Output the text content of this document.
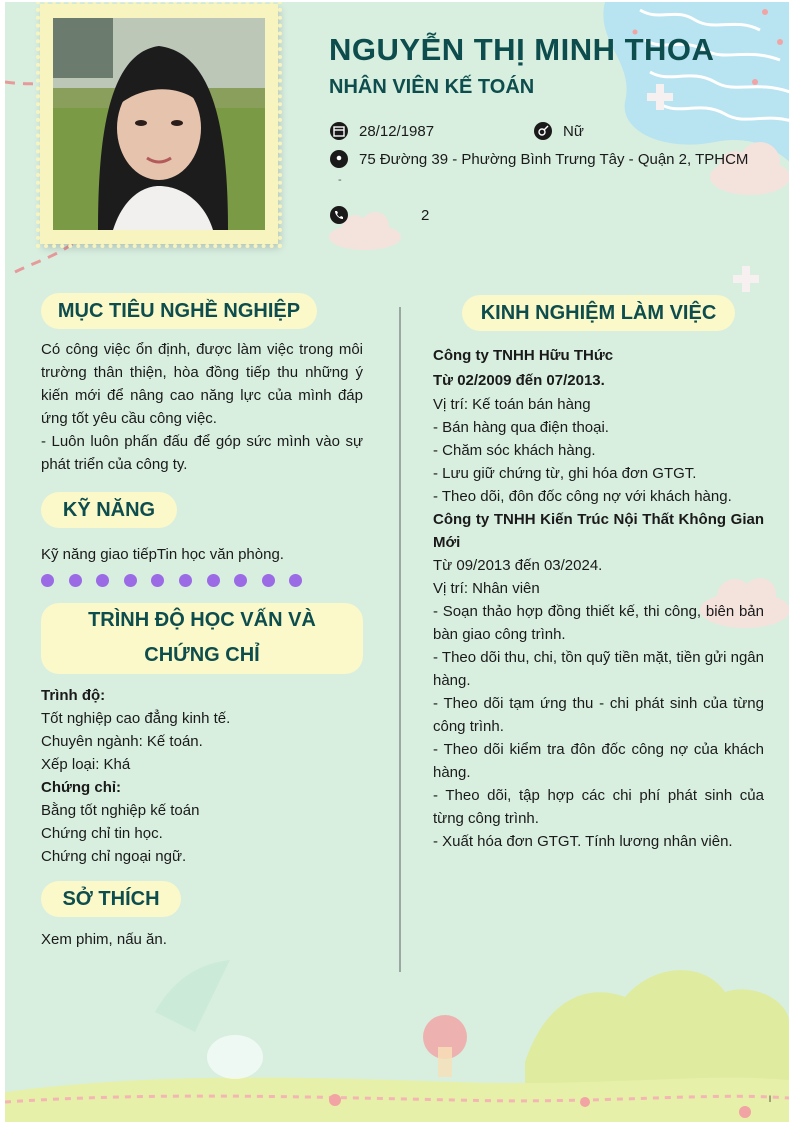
NGUYỄN THỊ MINH THOA
NHÂN VIÊN KẾ TOÁN
28/12/1987	Nữ
75 Đường 39 - Phường Bình Trưng Tây - Quận 2, TPHCM
-
2
MỤC TIÊU NGHỀ NGHIỆP
Có công việc ổn định, được làm việc trong môi trường thân thiện, hòa đồng tiếp thu những ý kiến mới để nâng cao năng lực của mình đáp ứng tốt yêu cầu công việc.
- Luôn luôn phấn đấu để góp sức mình vào sự phát triển của công ty.
KỸ NĂNG
Kỹ năng giao tiếpTin học văn phòng.
TRÌNH ĐỘ HỌC VẤN VÀ
CHỨNG CHỈ
Trình độ:
Tốt nghiệp cao đẳng kinh tế.
Chuyên ngành: Kế toán.
Xếp loại: Khá
Chứng chỉ:
Bằng tốt nghiệp kế toán
Chứng chỉ tin học.
Chứng chỉ ngoại ngữ.
SỞ THÍCH
Xem phim, nấu ăn.
KINH NGHIỆM LÀM VIỆC
Công ty TNHH Hữu THức
Từ 02/2009 đến 07/2013.
Vị trí: Kế toán bán hàng
- Bán hàng qua điện thoại.
- Chăm sóc khách hàng.
- Lưu giữ chứng từ, ghi hóa đơn GTGT.
- Theo dõi, đôn đốc công nợ với khách hàng.
Công ty TNHH Kiến Trúc Nội Thất Không Gian Mới
Từ 09/2013 đến 03/2024.
Vị trí: Nhân viên
- Soạn thảo hợp đồng thiết kế, thi công, biên bản bàn giao công trình.
- Theo dõi thu, chi, tồn quỹ tiền mặt, tiền gửi ngân hàng.
- Theo dõi tạm ứng thu - chi phát sinh của từng công trình.
- Theo dõi kiểm tra đôn đốc công nợ của khách hàng.
- Theo dõi, tập hợp các chi phí phát sinh của từng công trình.
- Xuất hóa đơn GTGT. Tính lương nhân viên.
l
